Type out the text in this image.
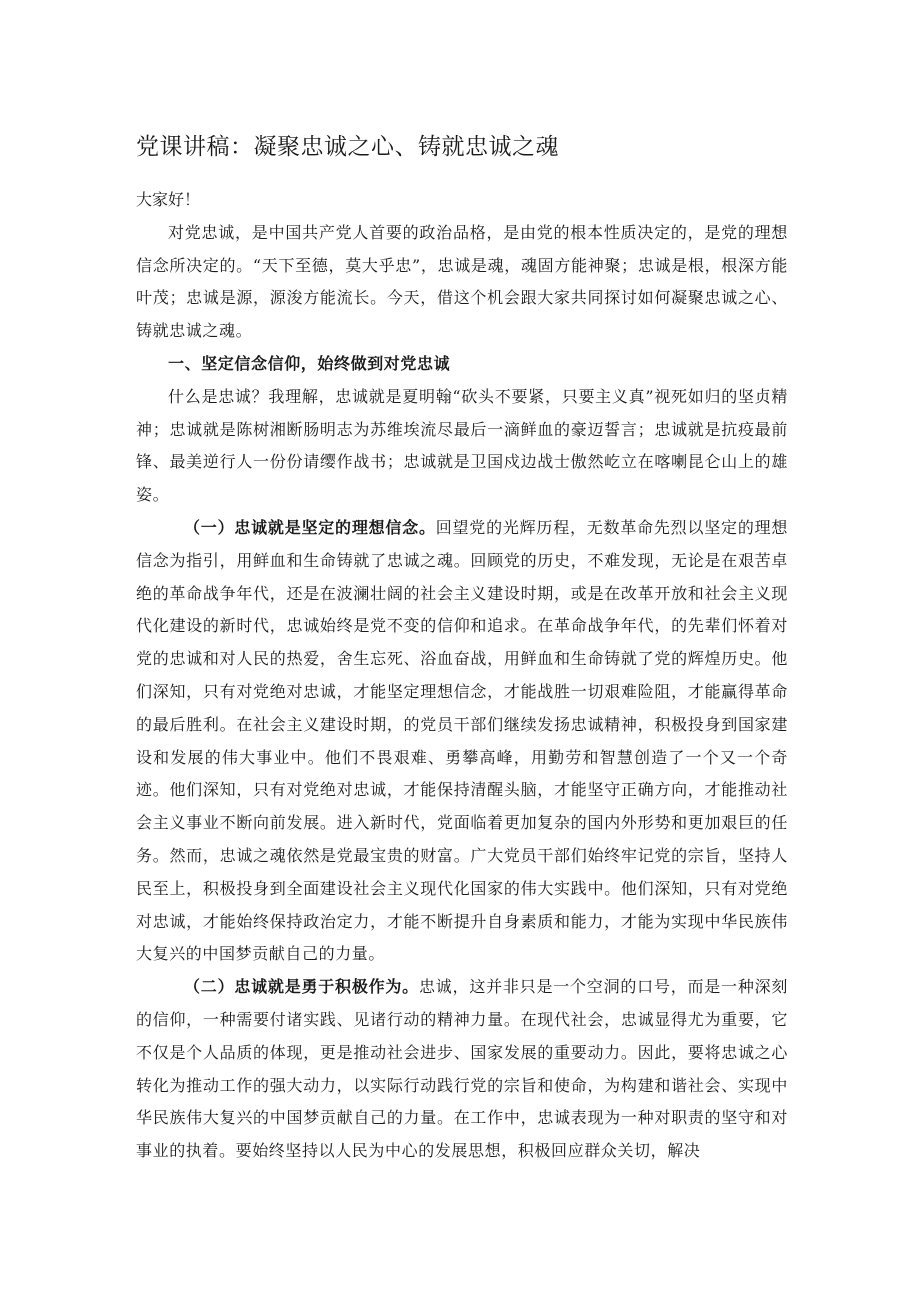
党课讲稿：凝聚忠诚之心、铸就忠诚之魂

大家好！

对党忠诚，是中国共产党人首要的政治品格，是由党的根本性质决定的，是党的理想信念所决定的。“天下至德，莫大乎忠”，忠诚是魂，魂固方能神聚；忠诚是根，根深方能叶茂；忠诚是源，源浚方能流长。今天，借这个机会跟大家共同探讨如何凝聚忠诚之心、铸就忠诚之魂。

一、坚定信念信仰，始终做到对党忠诚

什么是忠诚？我理解，忠诚就是夏明翰“砍头不要紧，只要主义真”视死如归的坚贞精神；忠诚就是陈树湘断肠明志为苏维埃流尽最后一滴鲜血的豪迈誓言；忠诚就是抗疫最前锋、最美逆行人一份份请缨作战书；忠诚就是卫国戍边战士傲然屹立在喀喇昆仑山上的雄姿。

（一）忠诚就是坚定的理想信念。回望党的光辉历程，无数革命先烈以坚定的理想信念为指引，用鲜血和生命铸就了忠诚之魂。回顾党的历史，不难发现，无论是在艰苦卓绝的革命战争年代，还是在波澜壮阔的社会主义建设时期，或是在改革开放和社会主义现代化建设的新时代，忠诚始终是党不变的信仰和追求。在革命战争年代，的先辈们怀着对党的忠诚和对人民的热爱，舍生忘死、浴血奋战，用鲜血和生命铸就了党的辉煌历史。他们深知，只有对党绝对忠诚，才能坚定理想信念，才能战胜一切艰难险阻，才能赢得革命的最后胜利。在社会主义建设时期，的党员干部们继续发扬忠诚精神，积极投身到国家建设和发展的伟大事业中。他们不畏艰难、勇攀高峰，用勤劳和智慧创造了一个又一个奇迹。他们深知，只有对党绝对忠诚，才能保持清醒头脑，才能坚守正确方向，才能推动社会主义事业不断向前发展。进入新时代，党面临着更加复杂的国内外形势和更加艰巨的任务。然而，忠诚之魂依然是党最宝贵的财富。广大党员干部们始终牢记党的宗旨，坚持人民至上，积极投身到全面建设社会主义现代化国家的伟大实践中。他们深知，只有对党绝对忠诚，才能始终保持政治定力，才能不断提升自身素质和能力，才能为实现中华民族伟大复兴的中国梦贡献自己的力量。

（二）忠诚就是勇于积极作为。忠诚，这并非只是一个空洞的口号，而是一种深刻的信仰，一种需要付诸实践、见诸行动的精神力量。在现代社会，忠诚显得尤为重要，它不仅是个人品质的体现，更是推动社会进步、国家发展的重要动力。因此，要将忠诚之心转化为推动工作的强大动力，以实际行动践行党的宗旨和使命，为构建和谐社会、实现中华民族伟大复兴的中国梦贡献自己的力量。在工作中，忠诚表现为一种对职责的坚守和对事业的执着。要始终坚持以人民为中心的发展思想，积极回应群众关切，解决
